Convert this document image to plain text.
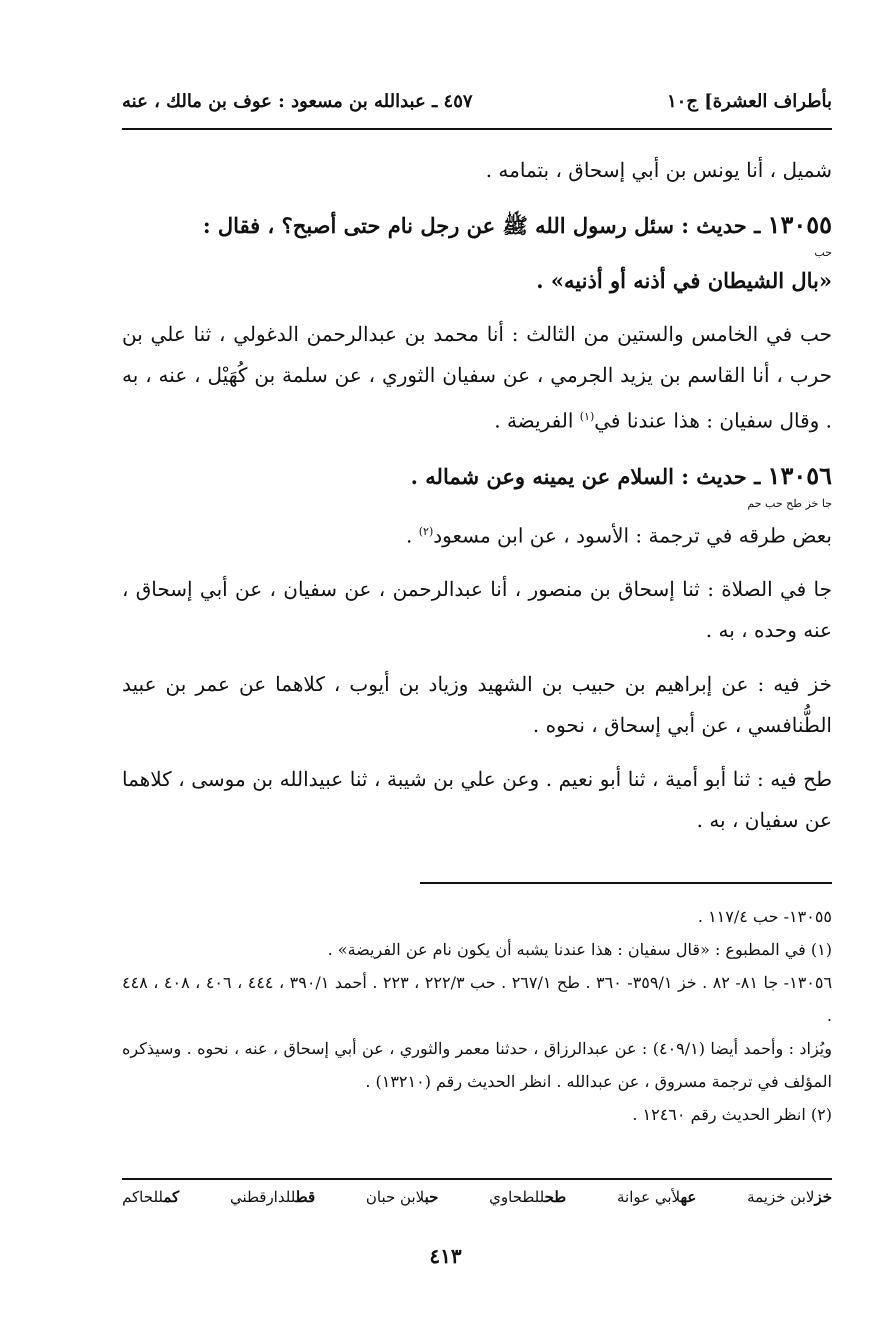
بأطراف العشرة] ج١٠
٤٥٧ ـ عبدالله بن مسعود : عوف بن مالك ، عنه

شميل ، أنا يونس بن أبي إسحاق ، بتمامه .

١٣٠٥٥ ـ حديث : سئل رسول الله ﷺ عن رجل نام حتى أصبح؟ ، فقال :

حب

«بال الشيطان في أذنه أو أذنيه» .

حب في الخامس والستين من الثالث : أنا محمد بن عبدالرحمن الدغولي ، ثنا علي بن حرب ، أنا القاسم بن يزيد الجرمي ، عن سفيان الثوري ، عن سلمة بن كُهَيْل ، عنه ، به . وقال سفيان : هذا عندنا في$^{(١)}$ الفريضة .

١٣٠٥٦ ـ حديث : السلام عن يمينه وعن شماله .

جا خز طح حب حم

بعض طرقه في ترجمة : الأسود ، عن ابن مسعود$^{(٢)}$ .

جا في الصلاة : ثنا إسحاق بن منصور ، أنا عبدالرحمن ، عن سفيان ، عن أبي إسحاق ، عنه وحده ، به .

خز فيه : عن إبراهيم بن حبيب بن الشهيد وزياد بن أيوب ، كلاهما عن عمر بن عبيد الطُّنافسي ، عن أبي إسحاق ، نحوه .

طح فيه : ثنا أبو أمية ، ثنا أبو نعيم . وعن علي بن شيبة ، ثنا عبيدالله بن موسى ، كلاهما عن سفيان ، به .

١٣٠٥٥- حب ١١٧/٤ .

(١) في المطبوع : «قال سفيان : هذا عندنا يشبه أن يكون نام عن الفريضة» .

١٣٠٥٦- جا ٨١- ٨٢ . خز ٣٥٩/١- ٣٦٠ . طح ٢٦٧/١ . حب ٢٢٢/٣ ، ٢٢٣ . أحمد ٣٩٠/١ ، ٤٤٤ ، ٤٠٦ ، ٤٠٨ ، ٤٤٨ .

ويُزاد : وأحمد أيضا (٤٠٩/١) : عن عبدالرزاق ، حدثنا معمر والثوري ، عن أبي إسحاق ، عنه ، نحوه . وسيذكره المؤلف في ترجمة مسروق ، عن عبدالله . انظر الحديث رقم (١٣٢١٠) .

(٢) انظر الحديث رقم ١٢٤٦٠ .

خزلابن خزيمة
عهلأبي عوانة
طحللطحاوي
حبلابن حبان
قطللدارقطني
كمللحاكم
٤١٣
